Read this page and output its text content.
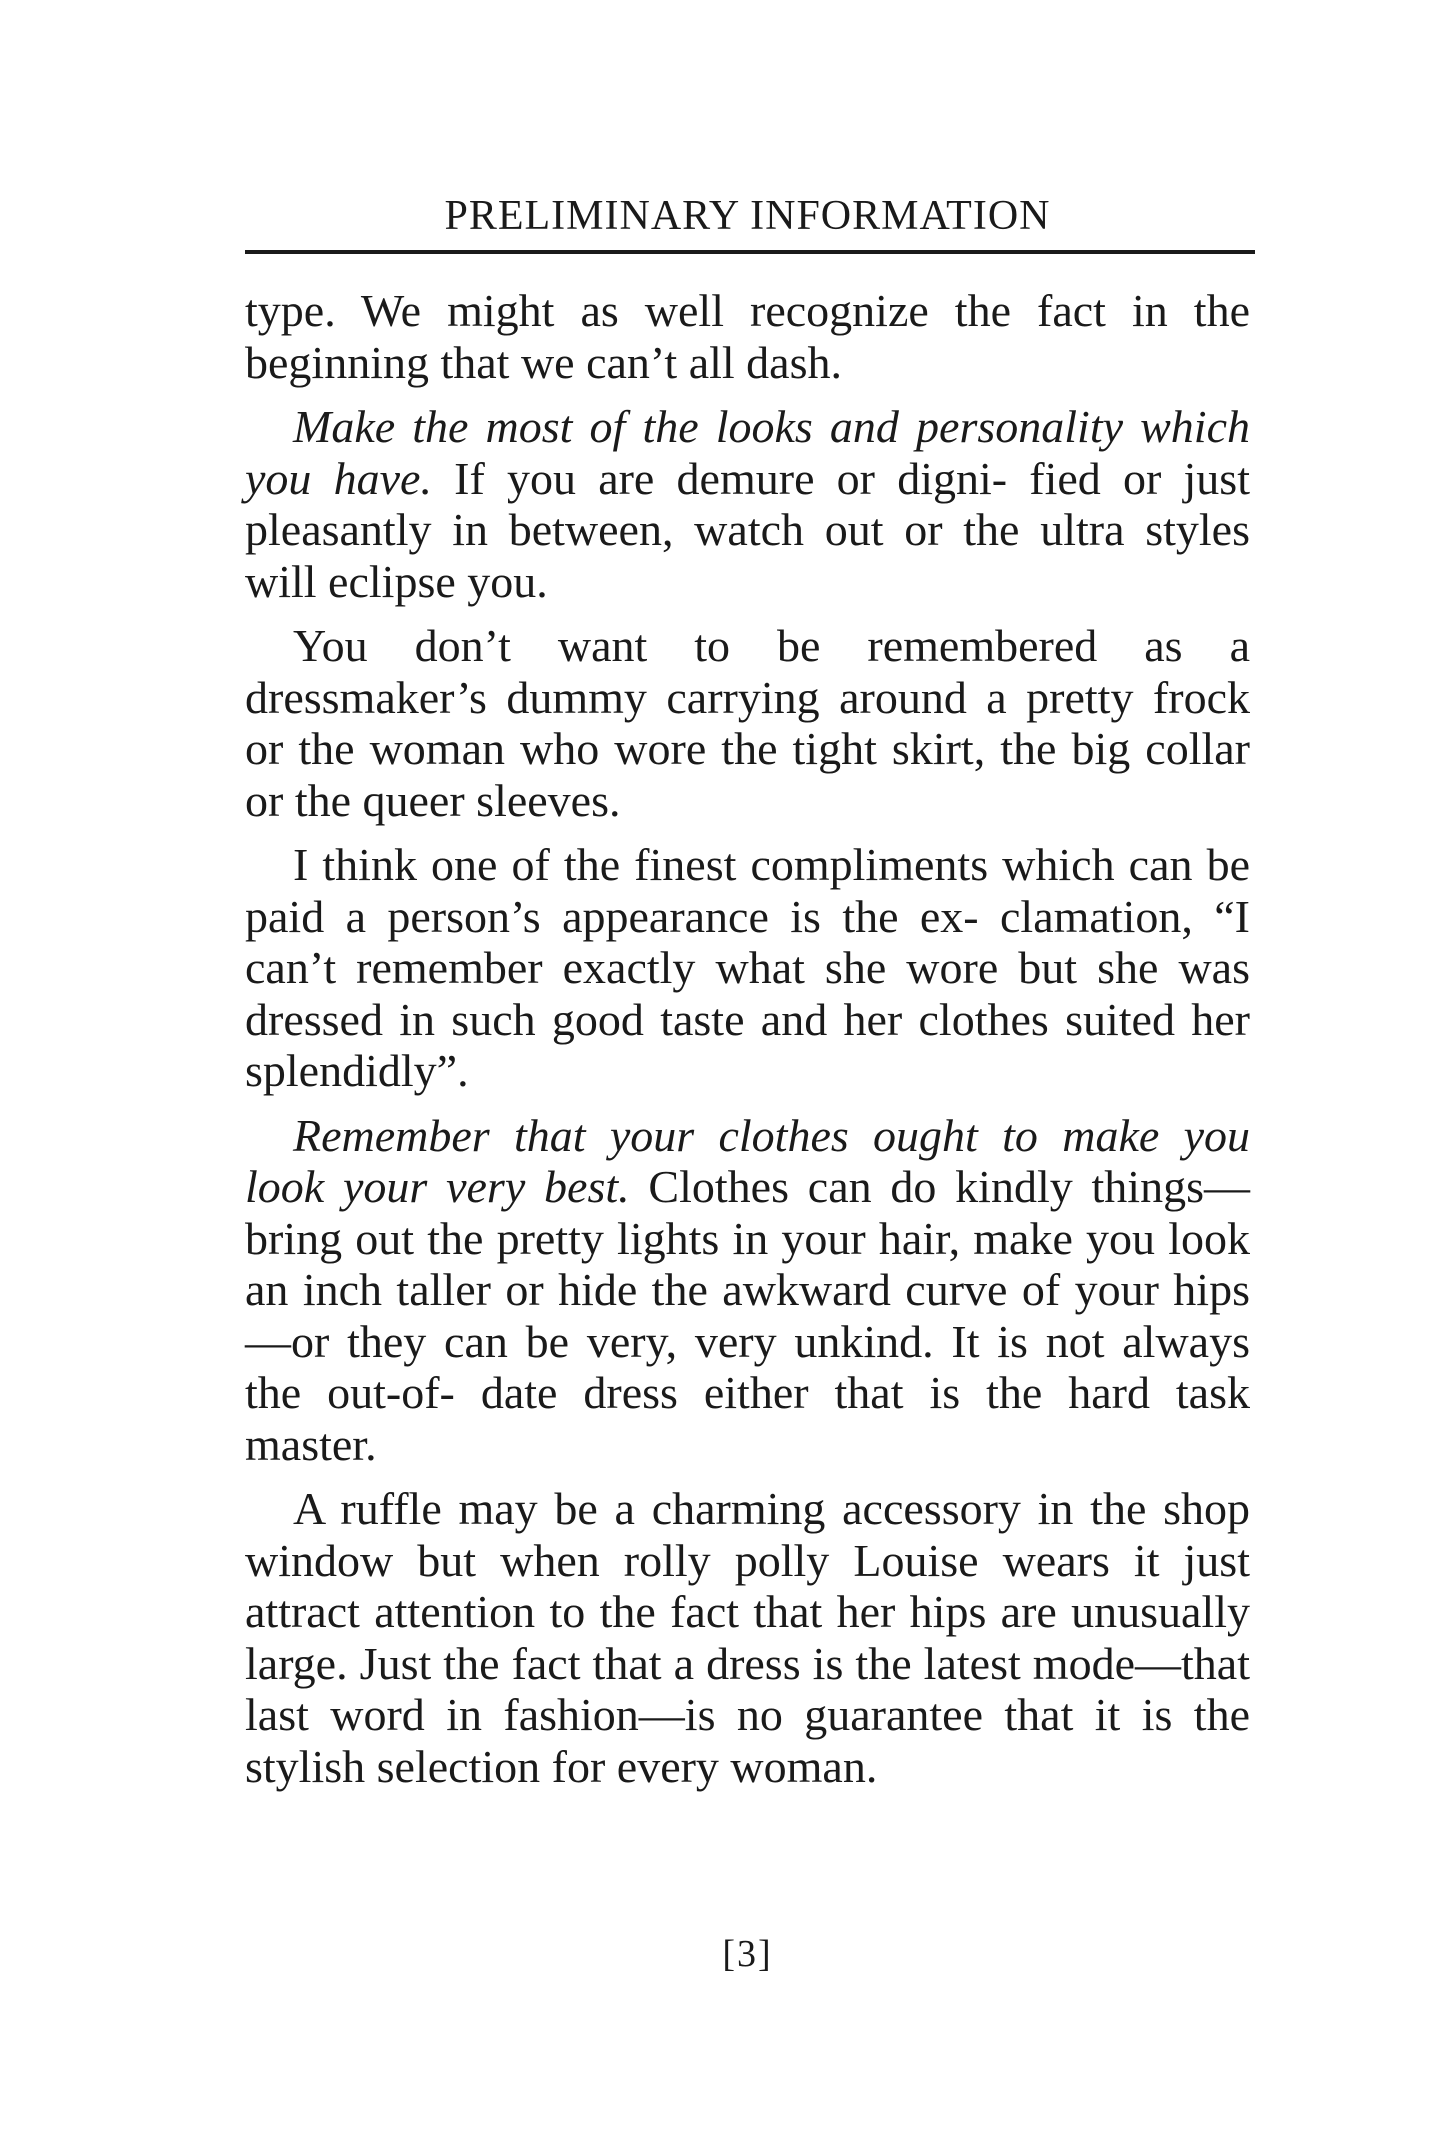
PRELIMINARY INFORMATION

type. We might as well recognize the fact in the beginning that we can’t all dash.

Make the most of the looks and personality which you have. If you are demure or digni- fied or just pleasantly in between, watch out or the ultra styles will eclipse you.

You don’t want to be remembered as a dressmaker’s dummy carrying around a pretty frock or the woman who wore the tight skirt, the big collar or the queer sleeves.

I think one of the finest compliments which can be paid a person’s appearance is the ex- clamation, “I can’t remember exactly what she wore but she was dressed in such good taste and her clothes suited her splendidly”.

Remember that your clothes ought to make you look your very best. Clothes can do kindly things—bring out the pretty lights in your hair, make you look an inch taller or hide the awkward curve of your hips—or they can be very, very unkind. It is not always the out-of- date dress either that is the hard task master.

A ruffle may be a charming accessory in the shop window but when rolly polly Louise wears it just attract attention to the fact that her hips are unusually large. Just the fact that a dress is the latest mode—that last word in fashion—is no guarantee that it is the stylish selection for every woman.

[3]
